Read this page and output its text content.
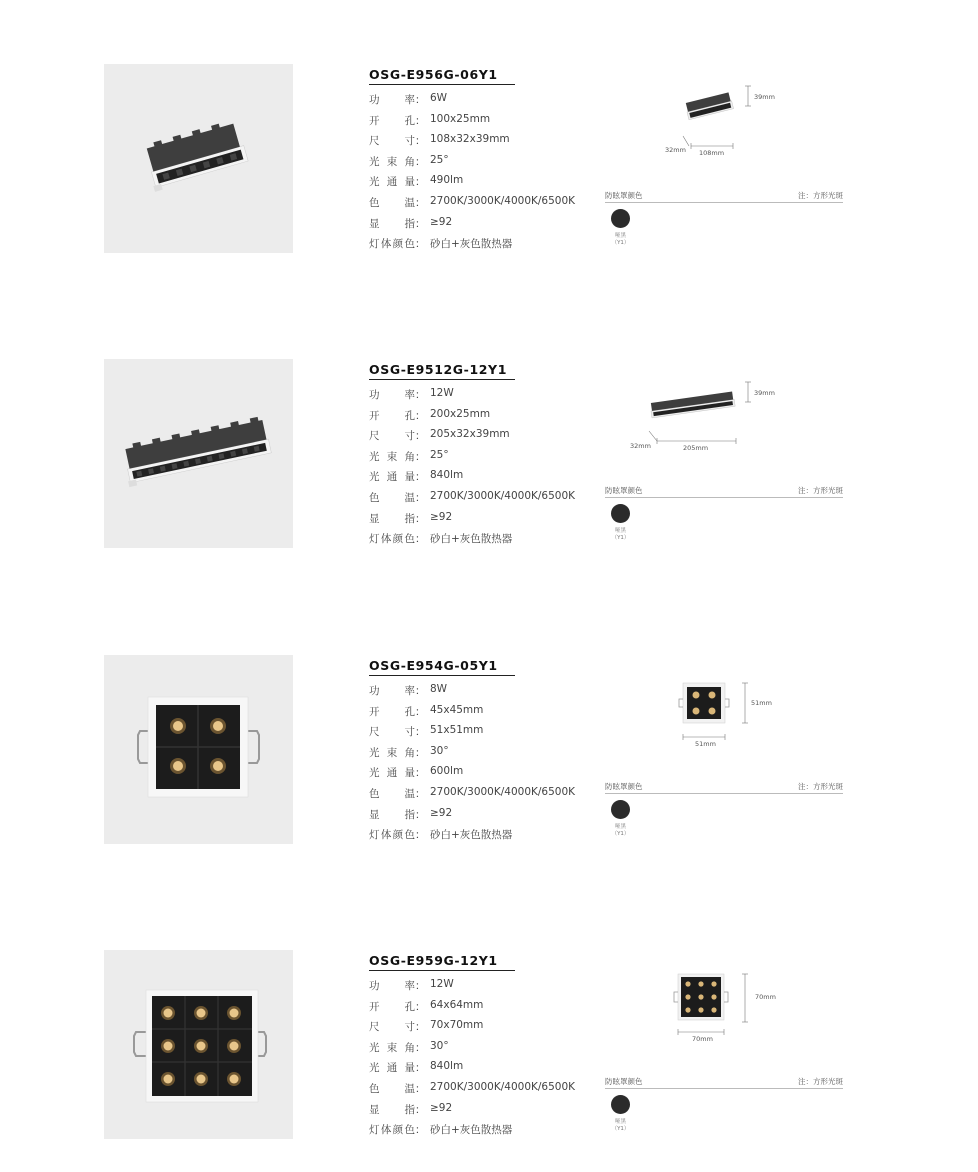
OSG-E956G-06Y1
功　　率 ： 6W
开　　孔 ： 100x25mm
尺　　寸 ： 108x32x39mm
光 束 角 ： 25°
光 通 量 ： 490lm
色　　温 ： 2700K/3000K/4000K/6500K
显　　指 ： ≥92
灯体颜色 ： 砂白+灰色散热器
39mm
32mm 108mm
防眩罩颜色	注：方形光斑
哑黑
（Y1）
OSG-E9512G-12Y1
功　　率 ： 12W
开　　孔 ： 200x25mm
尺　　寸 ： 205x32x39mm
光 束 角 ： 25°
光 通 量 ： 840lm
色　　温 ： 2700K/3000K/4000K/6500K
显　　指 ： ≥92
灯体颜色 ： 砂白+灰色散热器
39mm
32mm	205mm
防眩罩颜色	注：方形光斑
哑黑
（Y1）
OSG-E954G-05Y1
功　　率 ： 8W
开　　孔 ： 45x45mm
尺　　寸 ： 51x51mm
光 束 角 ： 30°
光 通 量 ： 600lm
色　　温 ： 2700K/3000K/4000K/6500K
显　　指 ： ≥92
灯体颜色 ： 砂白+灰色散热器
51mm
51mm
防眩罩颜色	注：方形光斑
哑黑
（Y1）
OSG-E959G-12Y1
功　　率 ： 12W
开　　孔 ： 64x64mm
尺　　寸 ： 70x70mm
光 束 角 ： 30°
光 通 量 ： 840lm
色　　温 ： 2700K/3000K/4000K/6500K
显　　指 ： ≥92
灯体颜色 ： 砂白+灰色散热器
70mm
70mm
防眩罩颜色	注：方形光斑
哑黑
（Y1）
